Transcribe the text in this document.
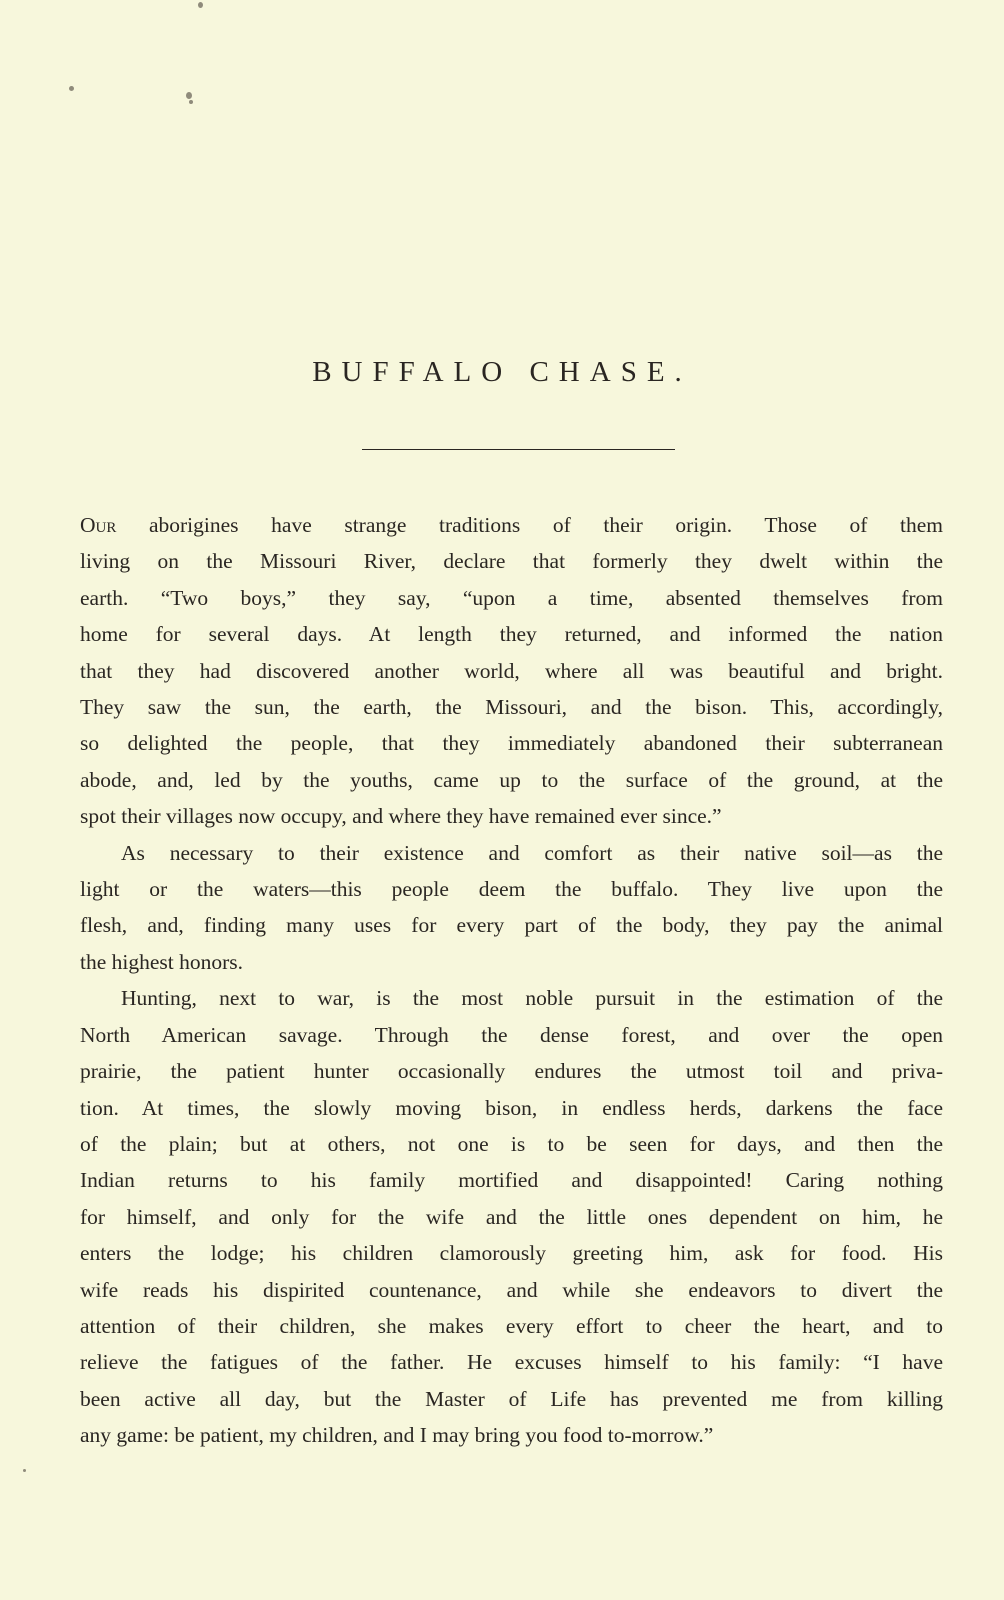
BUFFALO CHASE.
Our aborigines have strange traditions of their origin. Those of them
living on the Missouri River, declare that formerly they dwelt within the
earth. “Two boys,” they say, “upon a time, absented themselves from
home for several days. At length they returned, and informed the nation
that they had discovered another world, where all was beautiful and bright.
They saw the sun, the earth, the Missouri, and the bison. This, accordingly,
so delighted the people, that they immediately abandoned their subterranean
abode, and, led by the youths, came up to the surface of the ground, at the
spot their villages now occupy, and where they have remained ever since.”
As necessary to their existence and comfort as their native soil—as the
light or the waters—this people deem the buffalo. They live upon the
flesh, and, finding many uses for every part of the body, they pay the animal
the highest honors.
Hunting, next to war, is the most noble pursuit in the estimation of the
North American savage. Through the dense forest, and over the open
prairie, the patient hunter occasionally endures the utmost toil and priva-
tion. At times, the slowly moving bison, in endless herds, darkens the face
of the plain; but at others, not one is to be seen for days, and then the
Indian returns to his family mortified and disappointed! Caring nothing
for himself, and only for the wife and the little ones dependent on him, he
enters the lodge; his children clamorously greeting him, ask for food. His
wife reads his dispirited countenance, and while she endeavors to divert the
attention of their children, she makes every effort to cheer the heart, and to
relieve the fatigues of the father. He excuses himself to his family: “I have
been active all day, but the Master of Life has prevented me from killing
any game: be patient, my children, and I may bring you food to-morrow.”
